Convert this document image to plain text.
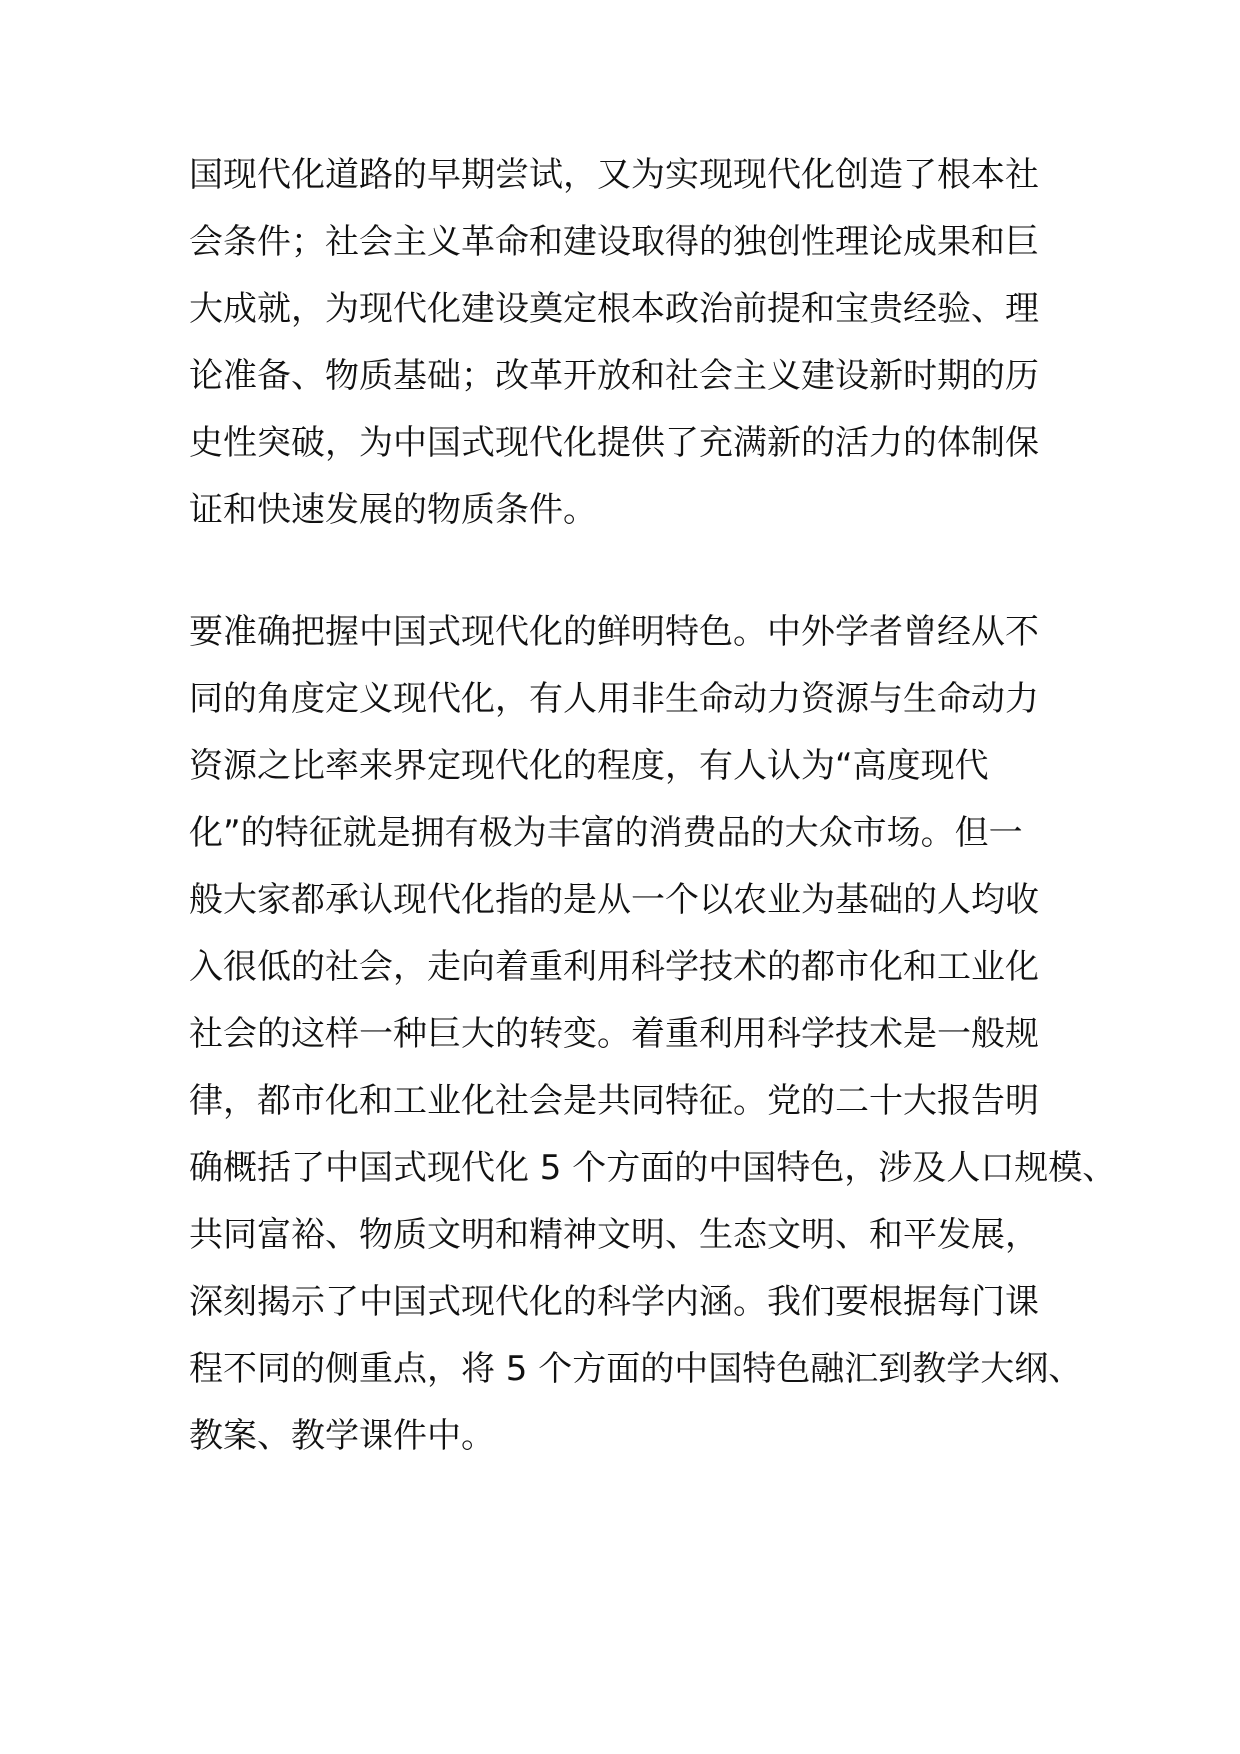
国现代化道路的早期尝试，又为实现现代化创造了根本社

会条件；社会主义革命和建设取得的独创性理论成果和巨

大成就，为现代化建设奠定根本政治前提和宝贵经验、理

论准备、物质基础；改革开放和社会主义建设新时期的历

史性突破，为中国式现代化提供了充满新的活力的体制保

证和快速发展的物质条件。

要准确把握中国式现代化的鲜明特色。中外学者曾经从不

同的角度定义现代化，有人用非生命动力资源与生命动力

资源之比率来界定现代化的程度，有人认为“高度现代

化”的特征就是拥有极为丰富的消费品的大众市场。但一

般大家都承认现代化指的是从一个以农业为基础的人均收

入很低的社会，走向着重利用科学技术的都市化和工业化

社会的这样一种巨大的转变。着重利用科学技术是一般规

律，都市化和工业化社会是共同特征。党的二十大报告明

确概括了中国式现代化 5 个方面的中国特色，涉及人口规模、

共同富裕、物质文明和精神文明、生态文明、和平发展，

深刻揭示了中国式现代化的科学内涵。我们要根据每门课

程不同的侧重点，将 5 个方面的中国特色融汇到教学大纲、

教案、教学课件中。
